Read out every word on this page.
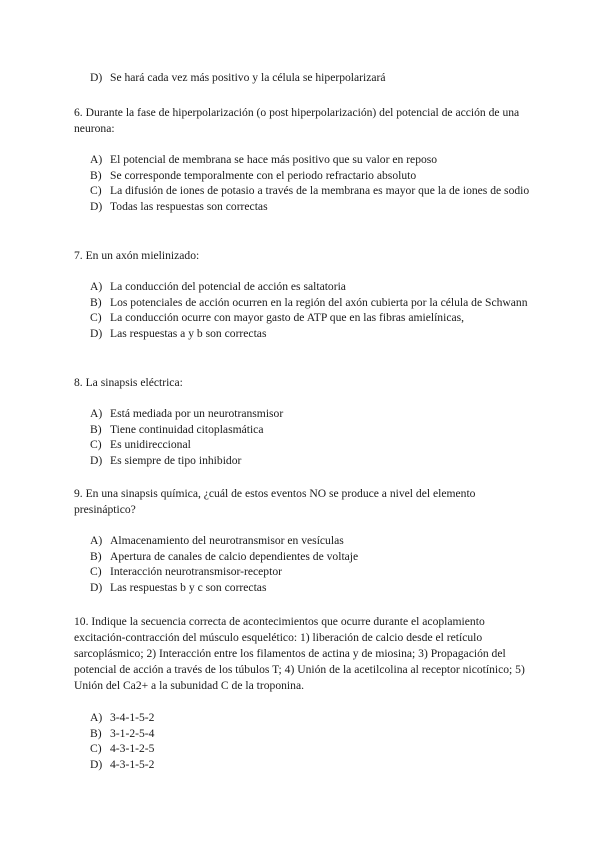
D) Se hará cada vez más positivo y la célula se hiperpolarizará
6. Durante la fase de hiperpolarización (o post hiperpolarización) del potencial de acción de una neurona:
A) El potencial de membrana se hace más positivo que su valor en reposo
B) Se corresponde temporalmente con el periodo refractario absoluto
C) La difusión de iones de potasio a través de la membrana es mayor que la de iones de sodio
D) Todas las respuestas son correctas
7. En un axón mielinizado:
A) La conducción del potencial de acción es saltatoria
B) Los potenciales de acción ocurren en la región del axón cubierta por la célula de Schwann
C) La conducción ocurre con mayor gasto de ATP que en las fibras amielínicas,
D) Las respuestas a y b son correctas
8. La sinapsis eléctrica:
A) Está mediada por un neurotransmisor
B) Tiene continuidad citoplasmática
C) Es unidireccional
D) Es siempre de tipo inhibidor
9. En una sinapsis química, ¿cuál de estos eventos NO se produce a nivel del elemento presináptico?
A) Almacenamiento del neurotransmisor en vesículas
B) Apertura de canales de calcio dependientes de voltaje
C) Interacción neurotransmisor-receptor
D) Las respuestas b y c son correctas
10. Indique la secuencia correcta de acontecimientos que ocurre durante el acoplamiento excitación-contracción del músculo esquelético: 1) liberación de calcio desde el retículo sarcoplásmico; 2) Interacción entre los filamentos de actina y de miosina; 3) Propagación del potencial de acción a través de los túbulos T; 4) Unión de la acetilcolina al receptor nicotínico; 5) Unión del Ca2+ a la subunidad C de la troponina.
A) 3-4-1-5-2
B) 3-1-2-5-4
C) 4-3-1-2-5
D) 4-3-1-5-2
